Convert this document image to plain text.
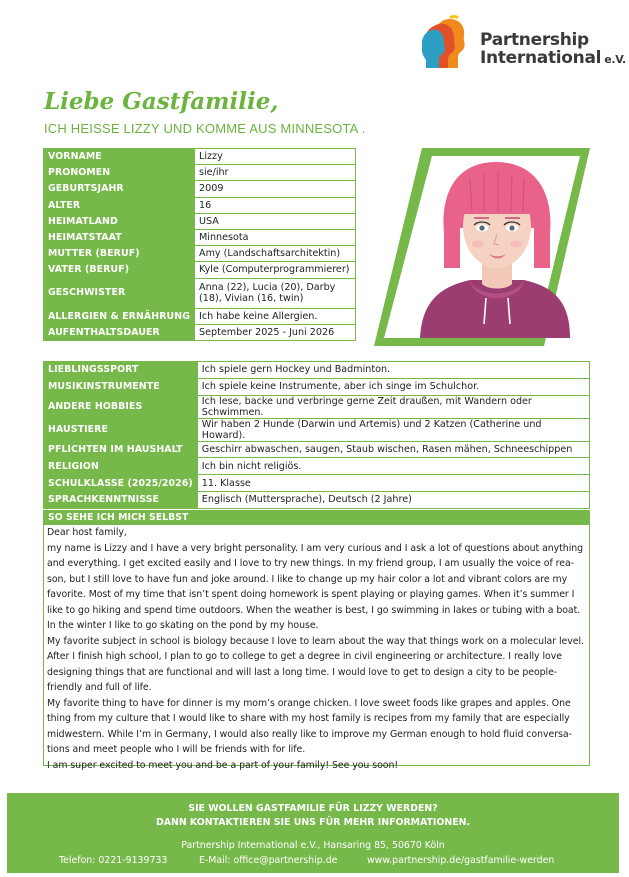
Partnership
International e.V.
Liebe Gastfamilie,
ICH HEISSE LIZZY UND KOMME AUS MINNESOTA .
VORNAME	Lizzy
PRONOMEN	sie/ihr
GEBURTSJAHR	2009
ALTER	16
HEIMATLAND	USA
HEIMATSTAAT	Minnesota
MUTTER (BERUF)	Amy (Landschaftsarchitektin)
VATER (BERUF)	Kyle (Computerprogrammierer)
GESCHWISTER	Anna (22), Lucia (20), Darby (18), Vivian (16, twin)
ALLERGIEN & ERNÄHRUNG	Ich habe keine Allergien.
AUFENTHALTSDAUER	September 2025 - Juni 2026
LIEBLINGSSPORT	Ich spiele gern Hockey und Badminton.
MUSIKINSTRUMENTE	Ich spiele keine Instrumente, aber ich singe im Schulchor.
ANDERE HOBBIES	Ich lese, backe und verbringe gerne Zeit draußen, mit Wandern oder Schwimmen.
HAUSTIERE	Wir haben 2 Hunde (Darwin und Artemis) und 2 Katzen (Catherine und Howard).
PFLICHTEN IM HAUSHALT	Geschirr abwaschen, saugen, Staub wischen, Rasen mähen, Schneeschippen
RELIGION	Ich bin nicht religiös.
SCHULKLASSE (2025/2026)	11. Klasse
SPRACHKENNTNISSE	Englisch (Muttersprache), Deutsch (2 Jahre)
SO SEHE ICH MICH SELBST

Dear host family,

my name is Lizzy and I have a very bright personality. I am very curious and I ask a lot of questions about anything and everything. I get excited easily and I love to try new things. In my friend group, I am usually the voice of rea-son, but I still love to have fun and joke around. I like to change up my hair color a lot and vibrant colors are my favorite. Most of my time that isn’t spent doing homework is spent playing or playing games. When it’s summer I like to go hiking and spend time outdoors. When the weather is best, I go swimming in lakes or tubing with a boat. In the winter I like to go skating on the pond by my house.

My favorite subject in school is biology because I love to learn about the way that things work on a molecular level. After I finish high school, I plan to go to college to get a degree in civil engineering or architecture. I really love designing things that are functional and will last a long time. I would love to get to design a city to be people-friendly and full of life.

My favorite thing to have for dinner is my mom’s orange chicken. I love sweet foods like grapes and apples. One thing from my culture that I would like to share with my host family is recipes from my family that are especially midwestern. While I’m in Germany, I would also really like to improve my German enough to hold fluid conversa-tions and meet people who I will be friends with for life.

I am super excited to meet you and be a part of your family! See you soon!

SIE WOLLEN GASTFAMILIE FÜR LIZZY WERDEN?
DANN KONTAKTIEREN SIE UNS FÜR MEHR INFORMATIONEN.
Partnership International e.V., Hansaring 85, 50670 Köln
Telefon: 0221-9139733	E-Mail: office@partnership.de	www.partnership.de/gastfamilie-werden
